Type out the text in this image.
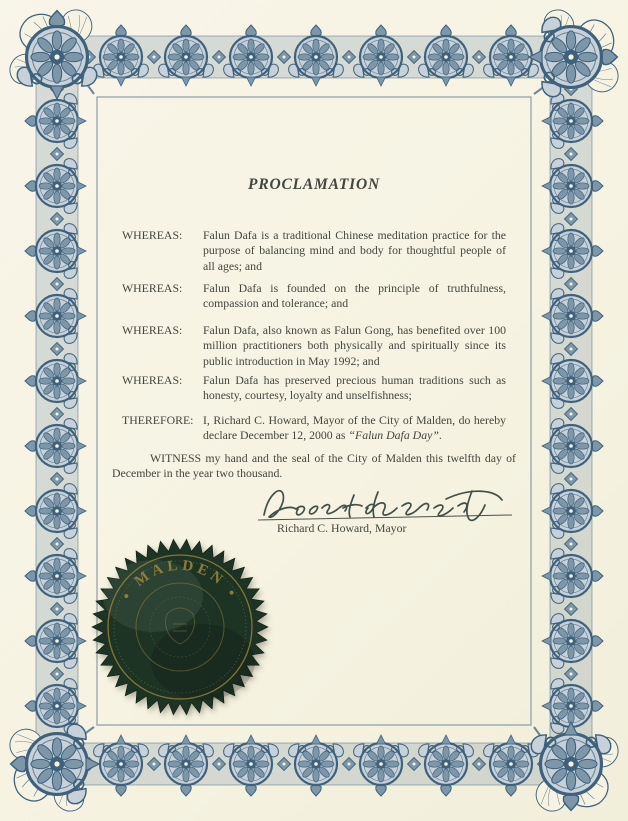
PROCLAMATION
WHEREAS: Falun Dafa is a traditional Chinese meditation practice for the purpose of balancing mind and body for thoughtful people of all ages; and
WHEREAS: Falun Dafa is founded on the principle of truthfulness, compassion and tolerance; and
WHEREAS: Falun Dafa, also known as Falun Gong, has benefited over 100 million practitioners both physically and spiritually since its public introduction in May 1992; and
WHEREAS: Falun Dafa has preserved precious human traditions such as honesty, courtesy, loyalty and unselfishness;
THEREFORE: I, Richard C. Howard, Mayor of the City of Malden, do hereby declare December 12, 2000 as “Falun Dafa Day”.
WITNESS my hand and the seal of the City of Malden this twelfth day of December in the year two thousand.
Richard C. Howard, Mayor
• MALDEN •
